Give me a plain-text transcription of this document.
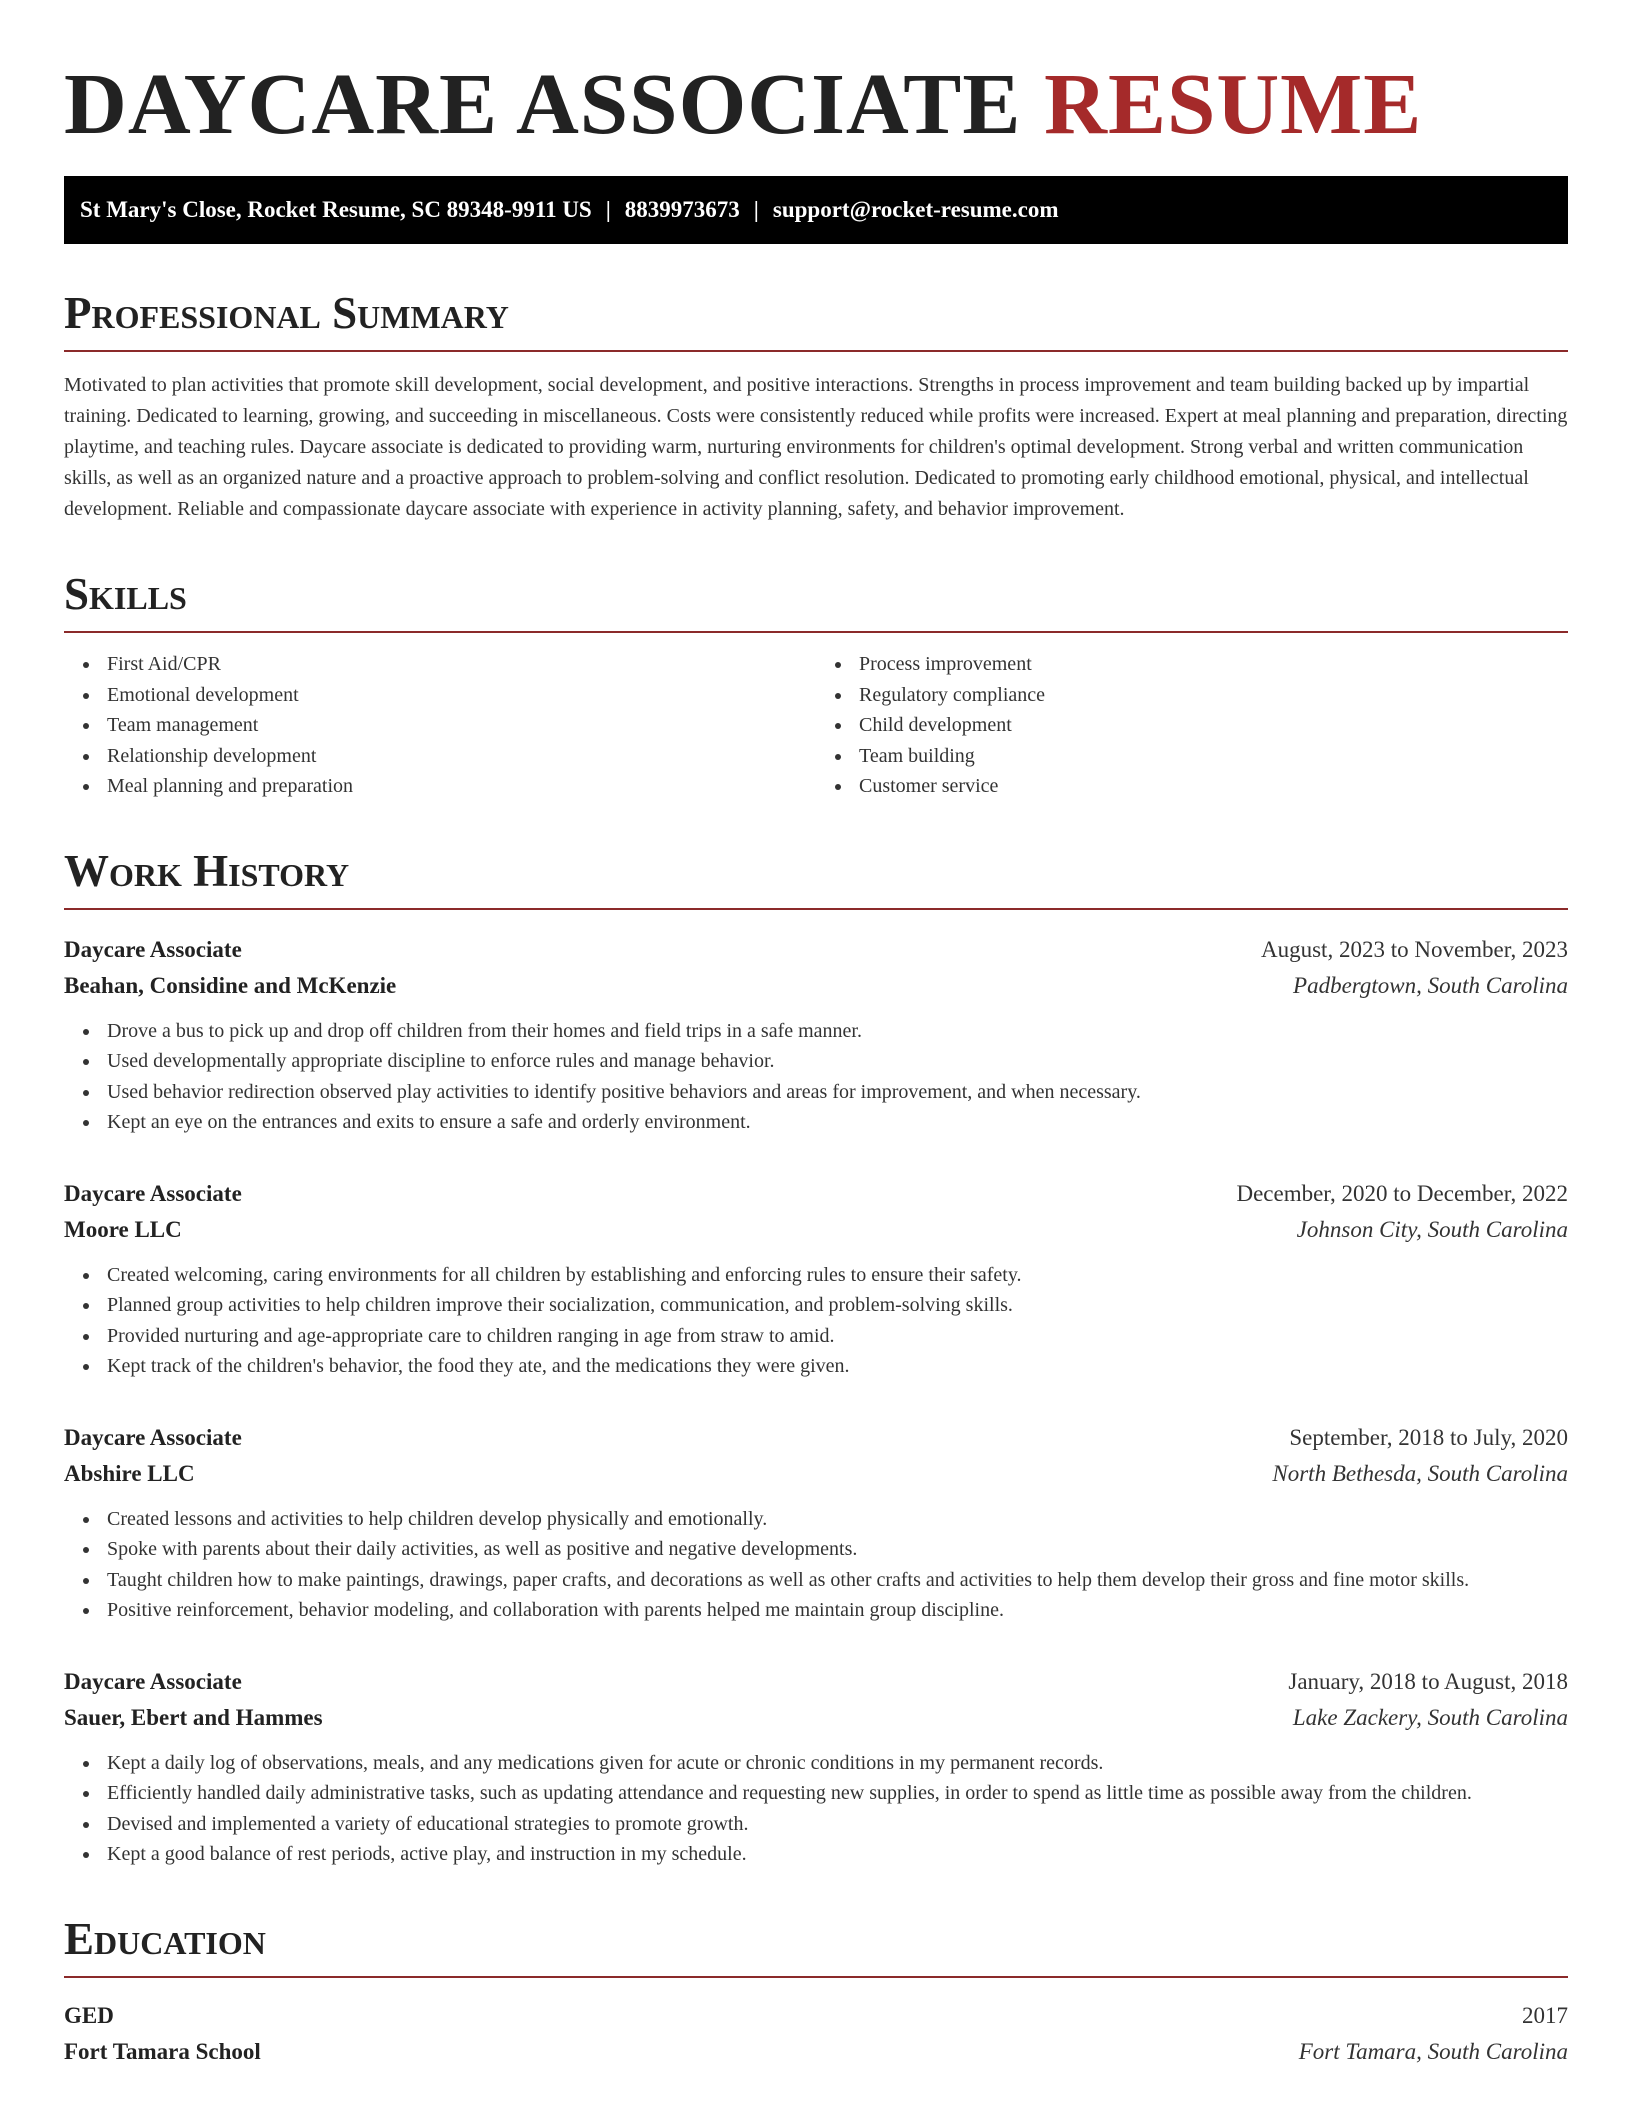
DAYCARE ASSOCIATE RESUME
St Mary's Close, Rocket Resume, SC 89348-9911 US | 8839973673 | support@rocket-resume.com
Professional Summary

Motivated to plan activities that promote skill development, social development, and positive interactions. Strengths in process improvement and team building backed up by impartial training. Dedicated to learning, growing, and succeeding in miscellaneous. Costs were consistently reduced while profits were increased. Expert at meal planning and preparation, directing playtime, and teaching rules. Daycare associate is dedicated to providing warm, nurturing environments for children's optimal development. Strong verbal and written communication skills, as well as an organized nature and a proactive approach to problem-solving and conflict resolution. Dedicated to promoting early childhood emotional, physical, and intellectual development. Reliable and compassionate daycare associate with experience in activity planning, safety, and behavior improvement.

Skills
First Aid/CPR
Emotional development
Team management
Relationship development
Meal planning and preparation
Process improvement
Regulatory compliance
Child development
Team building
Customer service
Work History
Daycare Associate	August, 2023 to November, 2023
Beahan, Considine and McKenzie	Padbergtown, South Carolina
Drove a bus to pick up and drop off children from their homes and field trips in a safe manner.
Used developmentally appropriate discipline to enforce rules and manage behavior.
Used behavior redirection observed play activities to identify positive behaviors and areas for improvement, and when necessary.
Kept an eye on the entrances and exits to ensure a safe and orderly environment.
Daycare Associate	December, 2020 to December, 2022
Moore LLC	Johnson City, South Carolina
Created welcoming, caring environments for all children by establishing and enforcing rules to ensure their safety.
Planned group activities to help children improve their socialization, communication, and problem-solving skills.
Provided nurturing and age-appropriate care to children ranging in age from straw to amid.
Kept track of the children's behavior, the food they ate, and the medications they were given.
Daycare Associate	September, 2018 to July, 2020
Abshire LLC	North Bethesda, South Carolina
Created lessons and activities to help children develop physically and emotionally.
Spoke with parents about their daily activities, as well as positive and negative developments.
Taught children how to make paintings, drawings, paper crafts, and decorations as well as other crafts and activities to help them develop their gross and fine motor skills.
Positive reinforcement, behavior modeling, and collaboration with parents helped me maintain group discipline.
Daycare Associate	January, 2018 to August, 2018
Sauer, Ebert and Hammes	Lake Zackery, South Carolina
Kept a daily log of observations, meals, and any medications given for acute or chronic conditions in my permanent records.
Efficiently handled daily administrative tasks, such as updating attendance and requesting new supplies, in order to spend as little time as possible away from the children.
Devised and implemented a variety of educational strategies to promote growth.
Kept a good balance of rest periods, active play, and instruction in my schedule.
Education
GED	2017
Fort Tamara School	Fort Tamara, South Carolina
